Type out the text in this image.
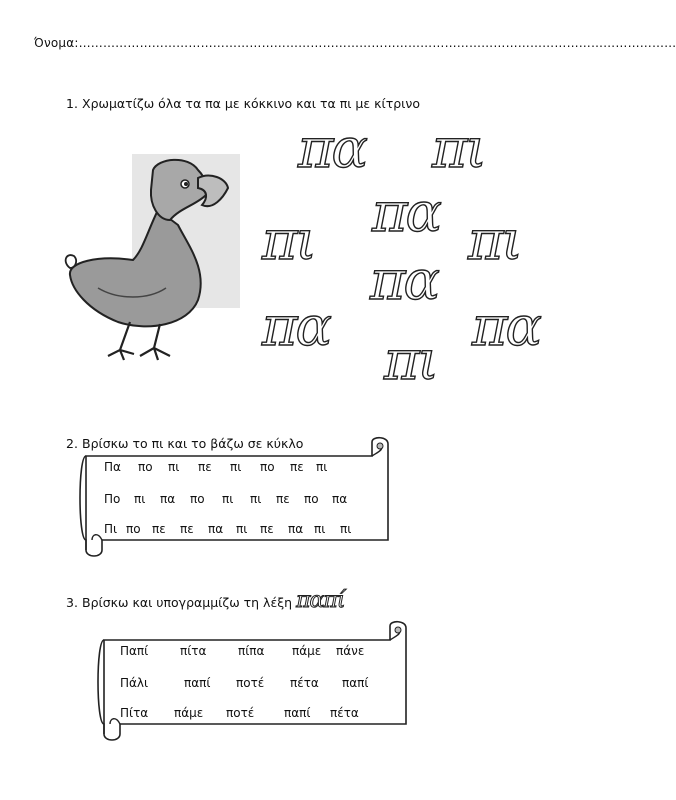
Όνομα:…………………………………………………………………………………………………………………………………
1. Χρωματίζω όλα τα πα με κόκκινο και τα πι με κίτρινο
πα πι
πα
πι	πι
πα
πα
πι
πα
2. Βρίσκω το πι και το βάζω σε κύκλο
Πα πο πι πε πι πο πε πι
Πο πι πα πο πι πι πε πο πα
Πι πο πε πε πα πι πε πα πι πι
3. Βρίσκω και υπογραμμίζω τη λέξη παπί
Παπί	πίτα	πίπα πάμε πάνε
Πάλι	παπί ποτέ πέτα παπί
Πίτα πάμε ποτέ παπί πέτα
